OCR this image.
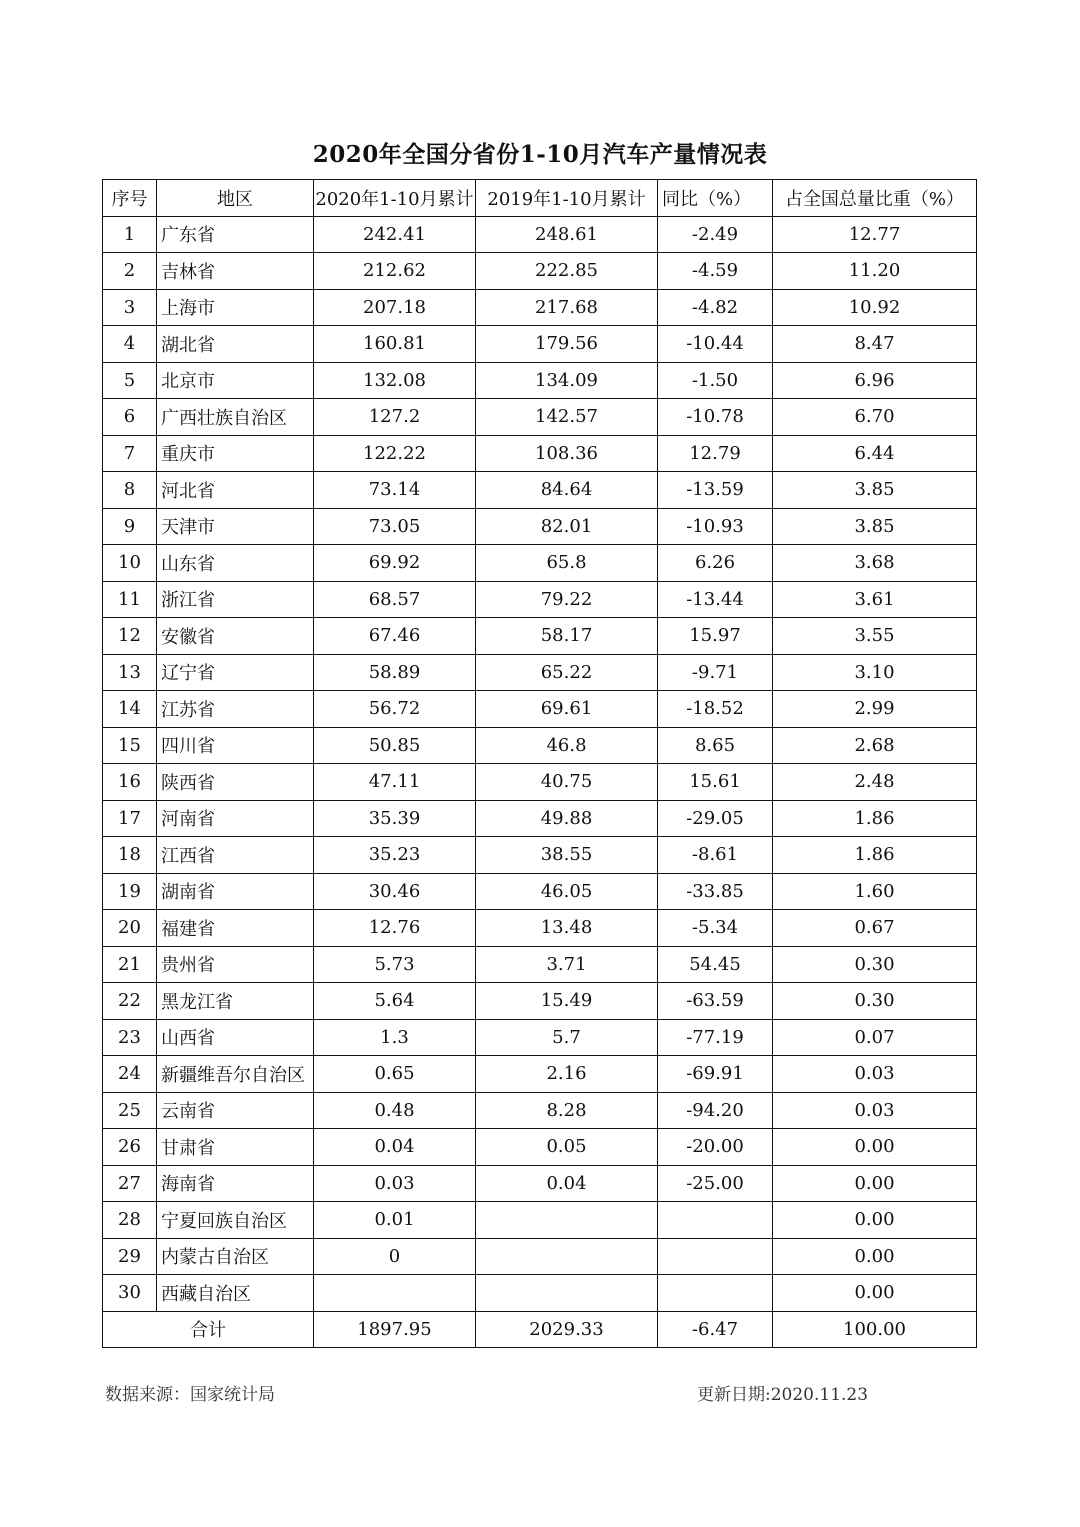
2020年全国分省份1-10月汽车产量情况表
序号	地区	2020年1-10月累计	2019年1-10月累计	同比（%）	占全国总量比重（%）
1	广东省	242.41	248.61	-2.49	12.77
2	吉林省	212.62	222.85	-4.59	11.20
3	上海市	207.18	217.68	-4.82	10.92
4	湖北省	160.81	179.56	-10.44	8.47
5	北京市	132.08	134.09	-1.50	6.96
6	广西壮族自治区	127.2	142.57	-10.78	6.70
7	重庆市	122.22	108.36	12.79	6.44
8	河北省	73.14	84.64	-13.59	3.85
9	天津市	73.05	82.01	-10.93	3.85
10	山东省	69.92	65.8	6.26	3.68
11	浙江省	68.57	79.22	-13.44	3.61
12	安徽省	67.46	58.17	15.97	3.55
13	辽宁省	58.89	65.22	-9.71	3.10
14	江苏省	56.72	69.61	-18.52	2.99
15	四川省	50.85	46.8	8.65	2.68
16	陕西省	47.11	40.75	15.61	2.48
17	河南省	35.39	49.88	-29.05	1.86
18	江西省	35.23	38.55	-8.61	1.86
19	湖南省	30.46	46.05	-33.85	1.60
20	福建省	12.76	13.48	-5.34	0.67
21	贵州省	5.73	3.71	54.45	0.30
22	黑龙江省	5.64	15.49	-63.59	0.30
23	山西省	1.3	5.7	-77.19	0.07
24	新疆维吾尔自治区	0.65	2.16	-69.91	0.03
25	云南省	0.48	8.28	-94.20	0.03
26	甘肃省	0.04	0.05	-20.00	0.00
27	海南省	0.03	0.04	-25.00	0.00
28	宁夏回族自治区	0.01			0.00
29	内蒙古自治区	0			0.00
30	西藏自治区				0.00
合计		1897.95	2029.33	-6.47	100.00
数据来源：国家统计局	更新日期:2020.11.23
